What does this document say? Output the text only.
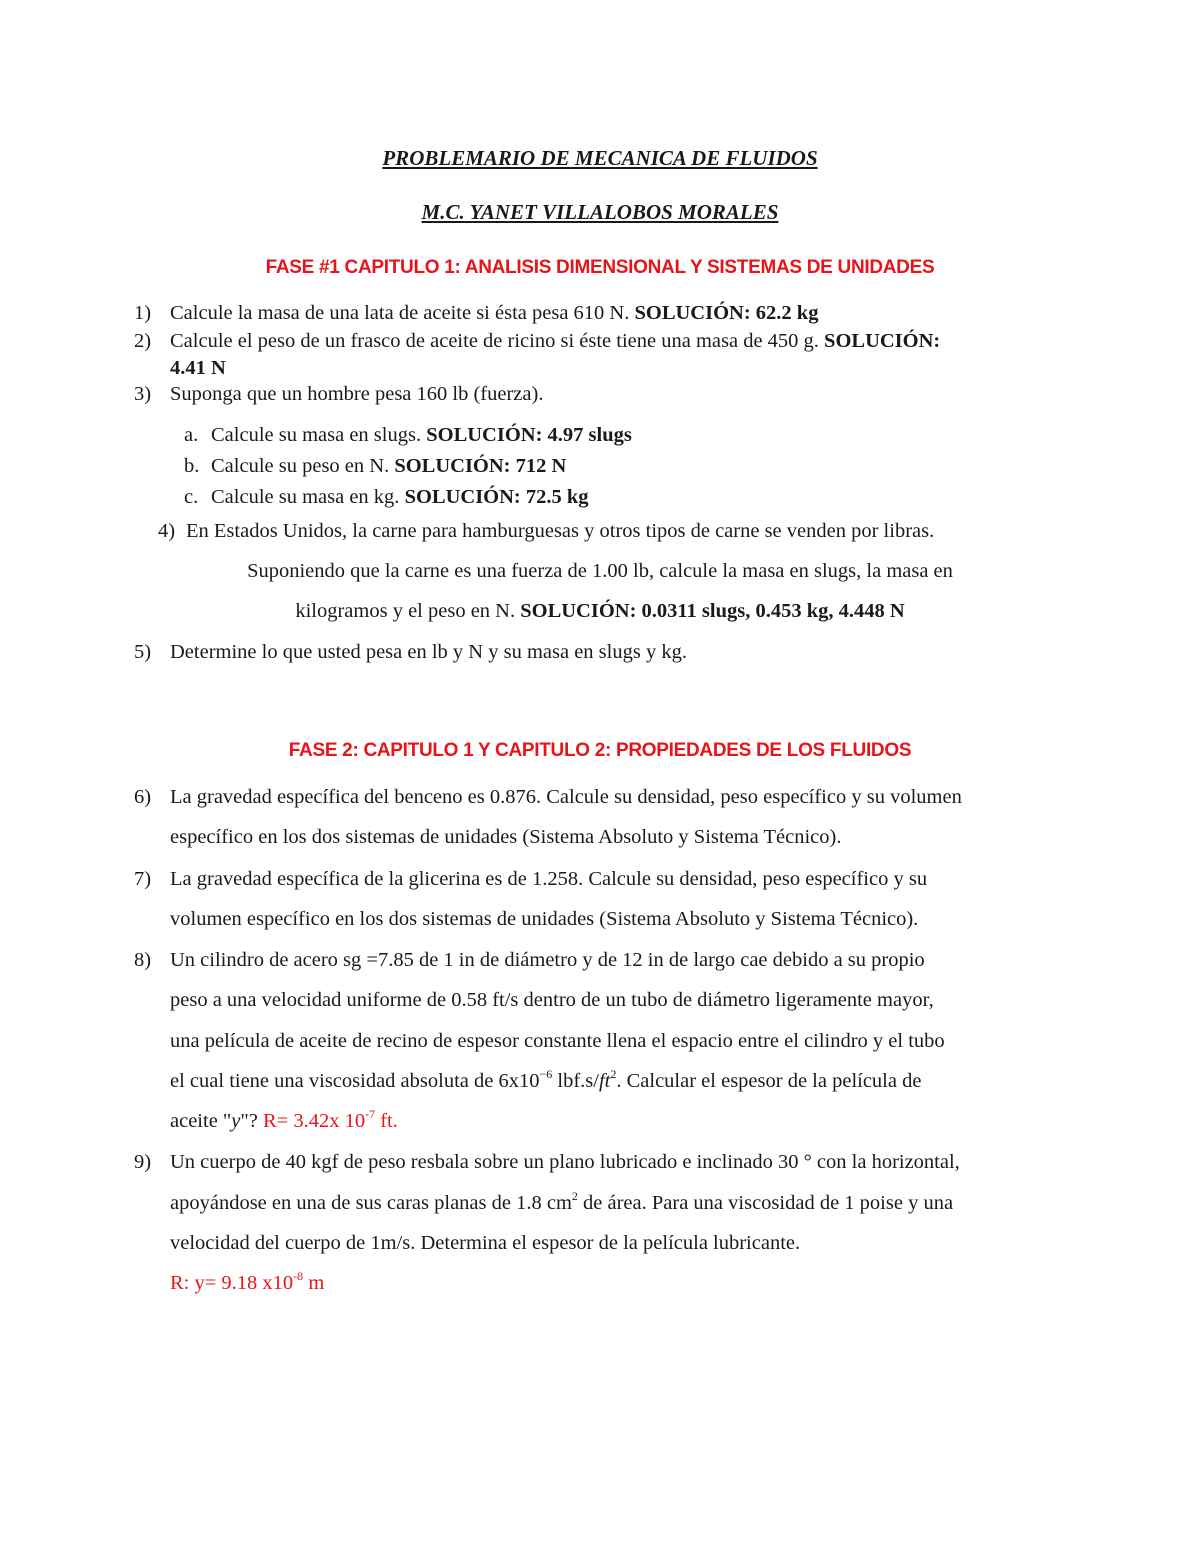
PROBLEMARIO DE MECANICA DE FLUIDOS
M.C. YANET VILLALOBOS MORALES
FASE #1 CAPITULO 1: ANALISIS DIMENSIONAL Y SISTEMAS DE UNIDADES
1) Calcule la masa de una lata de aceite si ésta pesa 610 N. SOLUCIÓN: 62.2 kg
2) Calcule el peso de un frasco de aceite de ricino si éste tiene una masa de 450 g. SOLUCIÓN:
4.41 N
3) Suponga que un hombre pesa 160 lb (fuerza).
a. Calcule su masa en slugs. SOLUCIÓN: 4.97 slugs
b. Calcule su peso en N. SOLUCIÓN: 712 N
c. Calcule su masa en kg. SOLUCIÓN: 72.5 kg
4) En Estados Unidos, la carne para hamburguesas y otros tipos de carne se venden por libras.
Suponiendo que la carne es una fuerza de 1.00 lb, calcule la masa en slugs, la masa en
kilogramos y el peso en N. SOLUCIÓN: 0.0311 slugs, 0.453 kg, 4.448 N
5) Determine lo que usted pesa en lb y N y su masa en slugs y kg.
FASE 2: CAPITULO 1 Y CAPITULO 2: PROPIEDADES DE LOS FLUIDOS
6) La gravedad específica del benceno es 0.876. Calcule su densidad, peso específico y su volumen
específico en los dos sistemas de unidades (Sistema Absoluto y Sistema Técnico).
7) La gravedad específica de la glicerina es de 1.258. Calcule su densidad, peso específico y su
volumen específico en los dos sistemas de unidades (Sistema Absoluto y Sistema Técnico).
8) Un cilindro de acero sg =7.85 de 1 in de diámetro y de 12 in de largo cae debido a su propio
peso a una velocidad uniforme de 0.58 ft/s dentro de un tubo de diámetro ligeramente mayor,
una película de aceite de recino de espesor constante llena el espacio entre el cilindro y el tubo
el cual tiene una viscosidad absoluta de $6x10^{-6}$ $lbf.s/ft^2$. Calcular el espesor de la película de
aceite "y"? R= 3.42x $10^{-7}$ ft.
9) Un cuerpo de 40 kgf de peso resbala sobre un plano lubricado e inclinado 30 ° con la horizontal,
apoyándose en una de sus caras planas de 1.8 $cm^2$ de área. Para una viscosidad de 1 poise y una
velocidad del cuerpo de 1m/s. Determina el espesor de la película lubricante.
R: y= 9.18 $x10^{-8}$ m
